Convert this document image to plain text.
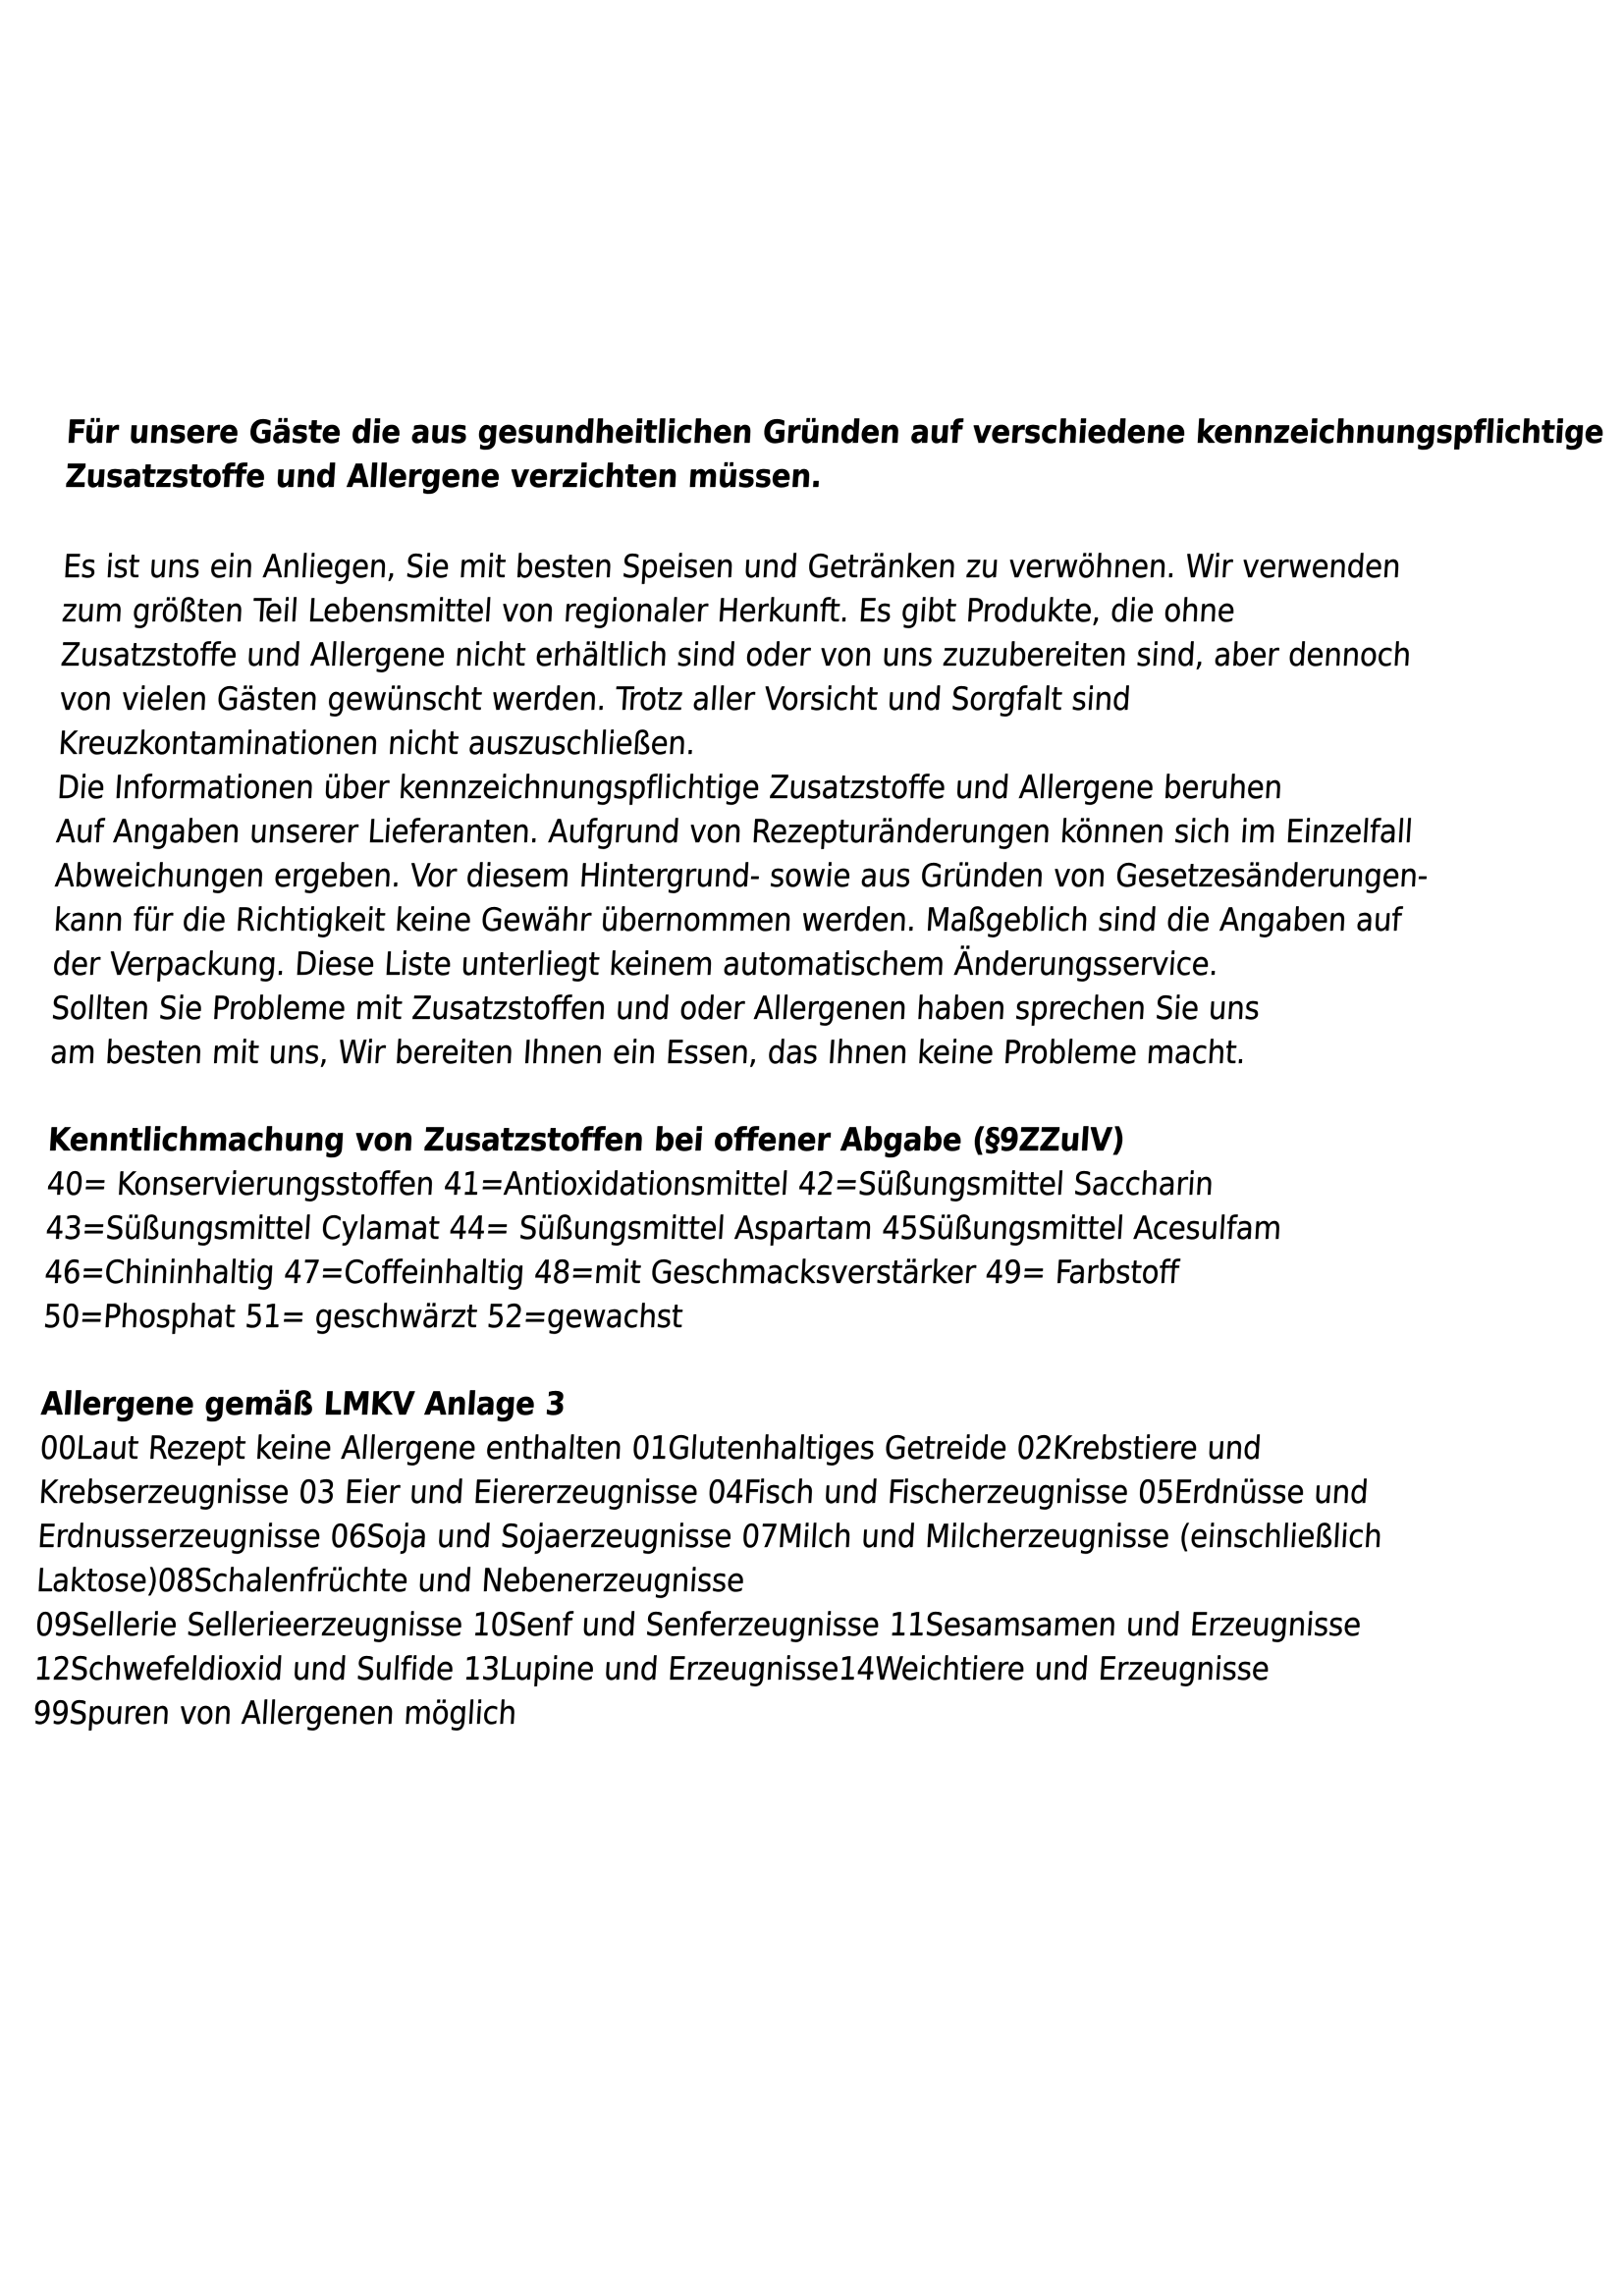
Für unsere Gäste die aus gesundheitlichen Gründen auf verschiedene kennzeichnungspflichtige
Zusatzstoffe und Allergene verzichten müssen.
Es ist uns ein Anliegen, Sie mit besten Speisen und Getränken zu verwöhnen. Wir verwenden
zum größten Teil Lebensmittel von regionaler Herkunft. Es gibt Produkte, die ohne
Zusatzstoffe und Allergene nicht erhältlich sind oder von uns zuzubereiten sind, aber dennoch
von vielen Gästen gewünscht werden. Trotz aller Vorsicht und Sorgfalt sind
Kreuzkontaminationen nicht auszuschließen.
Die Informationen über kennzeichnungspflichtige Zusatzstoffe und Allergene beruhen
Auf Angaben unserer Lieferanten. Aufgrund von Rezepturänderungen können sich im Einzelfall
Abweichungen ergeben. Vor diesem Hintergrund- sowie aus Gründen von Gesetzesänderungen-
kann für die Richtigkeit keine Gewähr übernommen werden. Maßgeblich sind die Angaben auf
der Verpackung. Diese Liste unterliegt keinem automatischem Änderungsservice.
Sollten Sie Probleme mit Zusatzstoffen und oder Allergenen haben sprechen Sie uns
am besten mit uns, Wir bereiten Ihnen ein Essen, das Ihnen keine Probleme macht.
Kenntlichmachung von Zusatzstoffen bei offener Abgabe (§9ZZulV)
40= Konservierungsstoffen 41=Antioxidationsmittel 42=Süßungsmittel Saccharin
43=Süßungsmittel Cylamat 44= Süßungsmittel Aspartam 45Süßungsmittel Acesulfam
46=Chininhaltig 47=Coffeinhaltig 48=mit Geschmacksverstärker 49= Farbstoff
50=Phosphat 51= geschwärzt 52=gewachst
Allergene gemäß LMKV Anlage 3
00Laut Rezept keine Allergene enthalten 01Glutenhaltiges Getreide 02Krebstiere und
Krebserzeugnisse 03 Eier und Eiererzeugnisse 04Fisch und Fischerzeugnisse 05Erdnüsse und
Erdnusserzeugnisse 06Soja und Sojaerzeugnisse 07Milch und Milcherzeugnisse (einschließlich
Laktose)08Schalenfrüchte und Nebenerzeugnisse
09Sellerie Sellerieerzeugnisse 10Senf und Senferzeugnisse 11Sesamsamen und Erzeugnisse
12Schwefeldioxid und Sulfide 13Lupine und Erzeugnisse14Weichtiere und Erzeugnisse
99Spuren von Allergenen möglich
